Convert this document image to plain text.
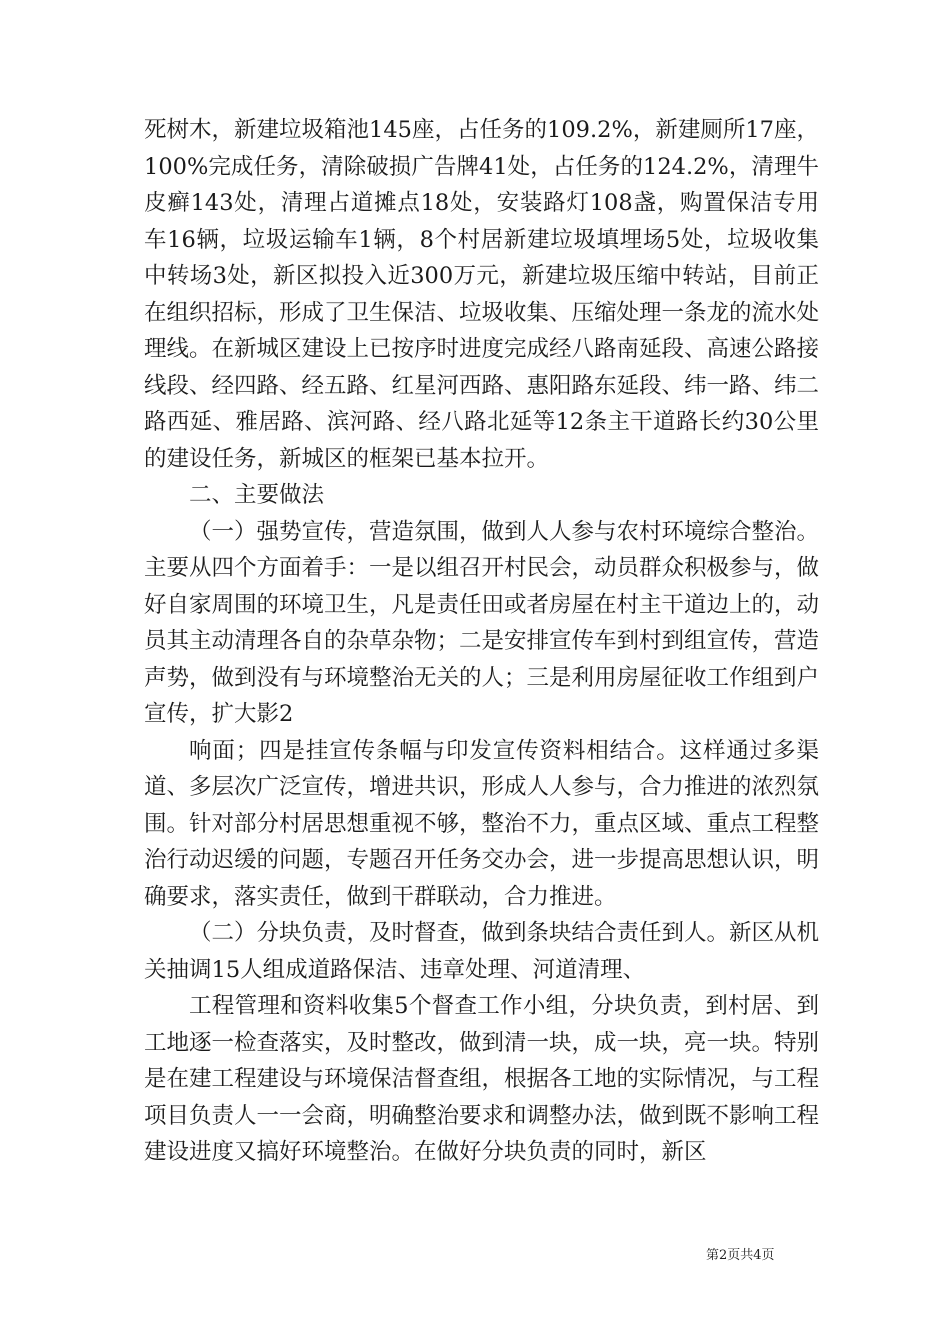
死树木，新建垃圾箱池145座，占任务的109.2%，新建厕所17座，100%完成任务，清除破损广告牌41处，占任务的124.2%，清理牛皮癣143处，清理占道摊点18处，安装路灯108盏，购置保洁专用车16辆，垃圾运输车1辆，8个村居新建垃圾填埋场5处，垃圾收集中转场3处，新区拟投入近300万元，新建垃圾压缩中转站，目前正在组织招标，形成了卫生保洁、垃圾收集、压缩处理一条龙的流水处理线。在新城区建设上已按序时进度完成经八路南延段、高速公路接线段、经四路、经五路、红星河西路、惠阳路东延段、纬一路、纬二路西延、雅居路、滨河路、经八路北延等12条主干道路长约30公里的建设任务，新城区的框架已基本拉开。

二、主要做法

（一）强势宣传，营造氛围，做到人人参与农村环境综合整治。主要从四个方面着手：一是以组召开村民会，动员群众积极参与，做好自家周围的环境卫生，凡是责任田或者房屋在村主干道边上的，动员其主动清理各自的杂草杂物；二是安排宣传车到村到组宣传，营造声势，做到没有与环境整治无关的人；三是利用房屋征收工作组到户宣传，扩大影2

响面；四是挂宣传条幅与印发宣传资料相结合。这样通过多渠道、多层次广泛宣传，增进共识，形成人人参与，合力推进的浓烈氛围。针对部分村居思想重视不够，整治不力，重点区域、重点工程整治行动迟缓的问题，专题召开任务交办会，进一步提高思想认识，明确要求，落实责任，做到干群联动，合力推进。

（二）分块负责，及时督查，做到条块结合责任到人。新区从机关抽调15人组成道路保洁、违章处理、河道清理、

工程管理和资料收集5个督查工作小组，分块负责，到村居、到工地逐一检查落实，及时整改，做到清一块，成一块，亮一块。特别是在建工程建设与环境保洁督查组，根据各工地的实际情况，与工程项目负责人一一会商，明确整治要求和调整办法，做到既不影响工程建设进度又搞好环境整治。在做好分块负责的同时，新区

第2页共4页
